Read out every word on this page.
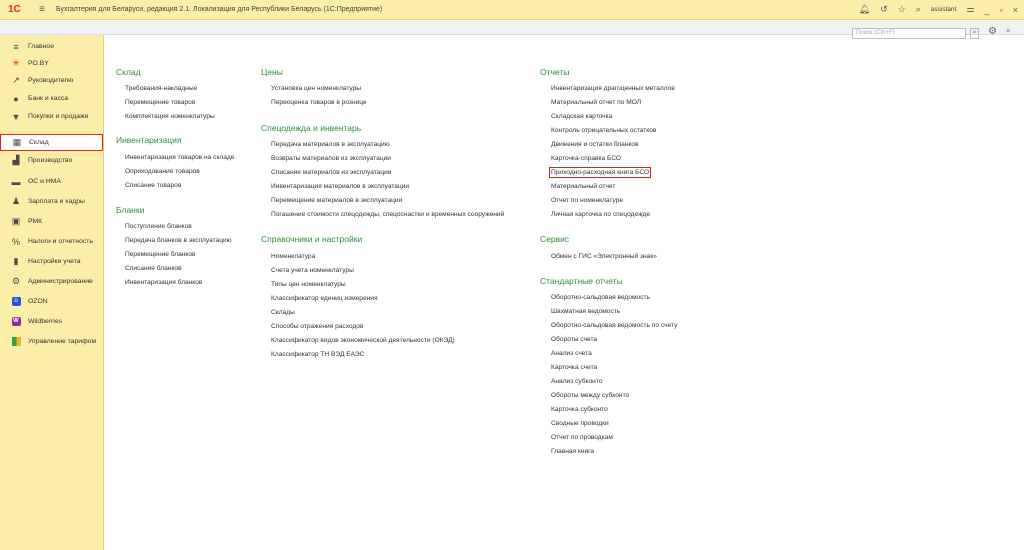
1С	≡	Бухгалтерия для Беларуси, редакция 2.1. Локализация для Республики Беларусь (1С:Предприятие)	🔔︎ ↺ ☆ ⌕ assistant ⚌ _ ▫ ×
≡	Главное
✳ PO.BY
↗ Руководителю
●	Банк и касса
▼ Покупки и продажи
▦ Склад
▟ Производство
▬ ОС и НМА
♟ Зарплата и кадры
▣ РМК
% Налоги и отчетность
▮	Настройки учета
⚙ Администрирование
o	OZON
W Wildberries
Управление тарифом
Поиск (Ctrl+F)	× ⚙ ×
Склад
Требования-накладные
Перемещение товаров
Комплектация номенклатуры
Инвентаризация
Инвентаризация товаров на складе
Оприходование товаров
Списание товаров
Бланки
Поступление бланков
Передача бланков в эксплуатацию
Перемещение бланков
Списание бланков
Инвентаризация бланков
Цены
Установка цен номенклатуры
Переоценка товаров в рознице
Спецодежда и инвентарь
Передача материалов в эксплуатацию
Возвраты материалов из эксплуатации
Списание материалов из эксплуатации
Инвентаризация материалов в эксплуатации
Перемещение материалов в эксплуатации
Погашение стоимости спецодежды, спецоснастки и временных сооружений
Справочники и настройки
Номенклатура
Счета учета номенклатуры
Типы цен номенклатуры
Классификатор единиц измерения
Склады
Способы отражения расходов
Классификатор видов экономической деятельности (ОКЭД)
Классификатор ТН ВЭД ЕАЭС
Отчеты
Инвентаризация драгоценных металлов
Материальный отчет по МОЛ
Складская карточка
Контроль отрицательных остатков
Движения и остатки бланков
Карточка-справка БСО
Приходно-расходная книга БСО
Материальный отчет
Отчет по номенклатуре
Личная карточка по спецодежде
Сервис
Обмен с ГИС «Электронный знак»
Стандартные отчеты
Оборотно-сальдовая ведомость
Шахматная ведомость
Оборотно-сальдовая ведомость по счету
Обороты счета
Анализ счета
Карточка счета
Анализ субконто
Обороты между субконто
Карточка субконто
Сводные проводки
Отчет по проводкам
Главная книга
